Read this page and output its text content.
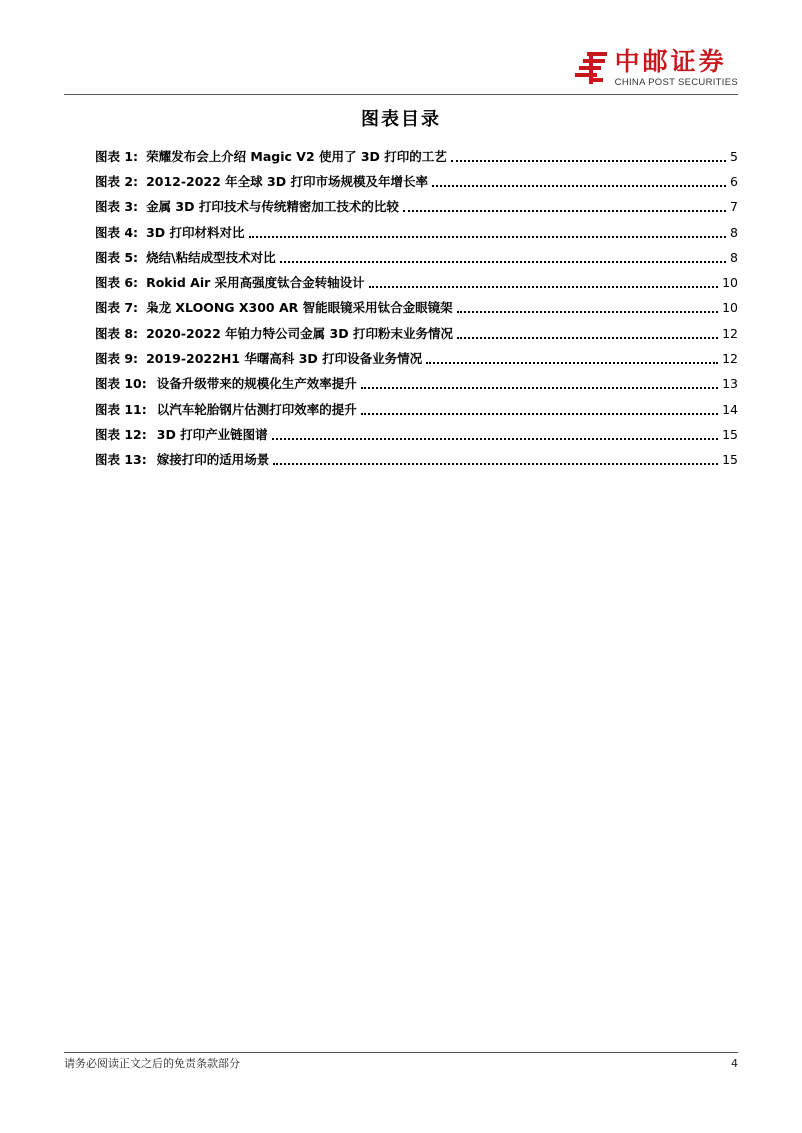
中邮证券
CHINA POST SECURITIES
图表目录
图表 1: 荣耀发布会上介绍 Magic V2 使用了 3D 打印的工艺	5
图表 2: 2012-2022 年全球 3D 打印市场规模及年增长率	6
图表 3: 金属 3D 打印技术与传统精密加工技术的比较	7
图表 4: 3D 打印材料对比	8
图表 5: 烧结\粘结成型技术对比	8
图表 6: Rokid Air 采用高强度钛合金转轴设计	10
图表 7: 枭龙 XLOONG X300 AR 智能眼镜采用钛合金眼镜架	10
图表 8: 2020-2022 年铂力特公司金属 3D 打印粉末业务情况	12
图表 9: 2019-2022H1 华曙高科 3D 打印设备业务情况	12
图表 10: 设备升级带来的规模化生产效率提升	13
图表 11: 以汽车轮胎钢片估测打印效率的提升	14
图表 12: 3D 打印产业链图谱	15
图表 13: 嫁接打印的适用场景	15
请务必阅读正文之后的免责条款部分	4
